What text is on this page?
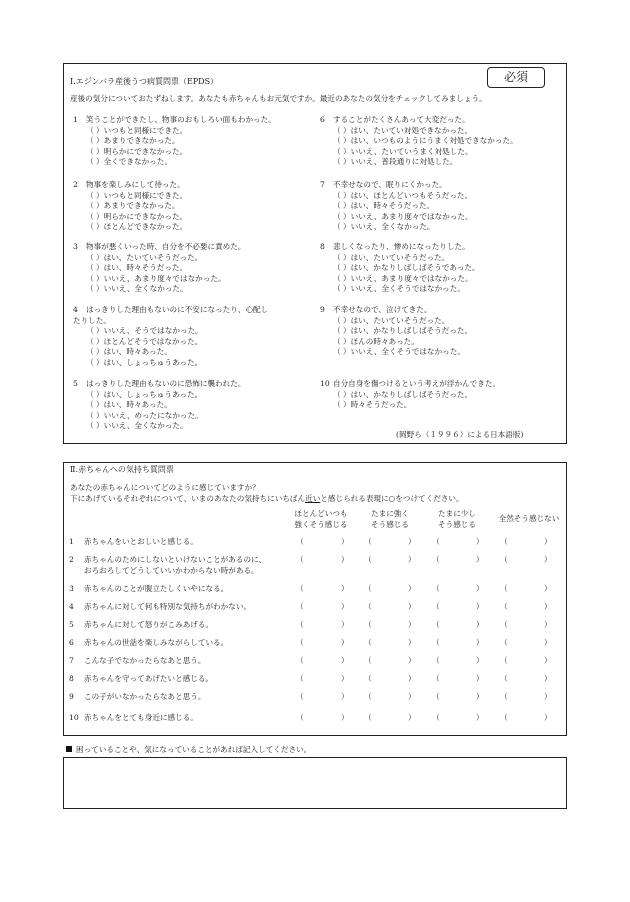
必須
Ⅰ.エジンバラ産後うつ病質問票（EPDS）
産後の気分についておたずねします。あなたも赤ちゃんもお元気ですか。最近のあなたの気分をチェックしてみましょう。
1 笑うことができたし、物事のおもしろい面もわかった。
（ ）いつもと同様にできた。
（ ）あまりできなかった。
（ ）明らかにできなかった。
（ ）全くできなかった。
2 物事を楽しみにして待った。
（ ）いつもと同様にできた。
（ ）あまりできなかった。
（ ）明らかにできなかった。
（ ）ほとんどできなかった。
3 物事が悪くいった時、自分を不必要に責めた。
（ ）はい、たいていそうだった。
（ ）はい、時々そうだった。
（ ）いいえ、あまり度々ではなかった。
（ ）いいえ、全くなかった。
4 はっきりした理由もないのに不安になったり、心配し
たりした。
（ ）いいえ、そうではなかった。
（ ）ほとんどそうではなかった。
（ ）はい、時々あった。
（ ）はい、しょっちゅうあった。
5 はっきりした理由もないのに恐怖に襲われた。
（ ）はい、しょっちゅうあった。
（ ）はい、時々あった。
（ ）いいえ、めったになかった。
（ ）いいえ、全くなかった。
6 することがたくさんあって大変だった。
（ ）はい、たいてい対処できなかった。
（ ）はい、いつものようにうまく対処できなかった。
（ ）いいえ、たいていうまく対処した。
（ ）いいえ、普段通りに対処した。
7 不幸せなので、眠りにくかった。
（ ）はい、ほとんどいつもそうだった。
（ ）はい、時々そうだった。
（ ）いいえ、あまり度々ではなかった。
（ ）いいえ、全くなかった。
8 悲しくなったり、惨めになったりした。
（ ）はい、たいていそうだった。
（ ）はい、かなりしばしばそうであった。
（ ）いいえ、あまり度々ではなかった。
（ ）いいえ、全くそうではなかった。
9 不幸せなので、泣けてきた。
（ ）はい、たいていそうだった。
（ ）はい、かなりしばしばそうだった。
（ ）ほんの時々あった。
（ ）いいえ、全くそうではなかった。
10 自分自身を傷つけるという考えが浮かんできた。
（ ）はい、かなりしばしばそうだった。
（ ）時々そうだった。
(岡野ら（１９９６）による日本語版)
Ⅱ.赤ちゃんへの気持ち質問票
あなたの赤ちゃんについてどのように感じていますか？
下にあげているそれぞれについて、いまのあなたの気持ちにいちばん近いと感じられる表現に○をつけてください。
ほとんどいつも
強くそう感じる
たまに強く
そう感じる
たまに少し
そう感じる
全然そう感じない
1 赤ちゃんをいとおしいと感じる。	（	） （	） （	） （	）
2 赤ちゃんのためにしないといけないことがあるのに、
おろおろしてどうしていいかわからない時がある。
（	） （	） （	） （	）
3 赤ちゃんのことが腹立たしくいやになる。	（	） （	） （	） （	）
4 赤ちゃんに対して何も特別な気持ちがわかない。	（	） （	） （	） （	）
5 赤ちゃんに対して怒りがこみあげる。	（	） （	） （	） （	）
6 赤ちゃんの世話を楽しみながらしている。	（	） （	） （	） （	）
7 こんな子でなかったらなあと思う。	（	） （	） （	） （	）
8 赤ちゃんを守ってあげたいと感じる。	（	） （	） （	） （	）
9 この子がいなかったらなあと思う。	（	） （	） （	） （	）
10 赤ちゃんをとても身近に感じる。	（	） （	） （	） （	）
困っていることや、気になっていることがあれば記入してください。
